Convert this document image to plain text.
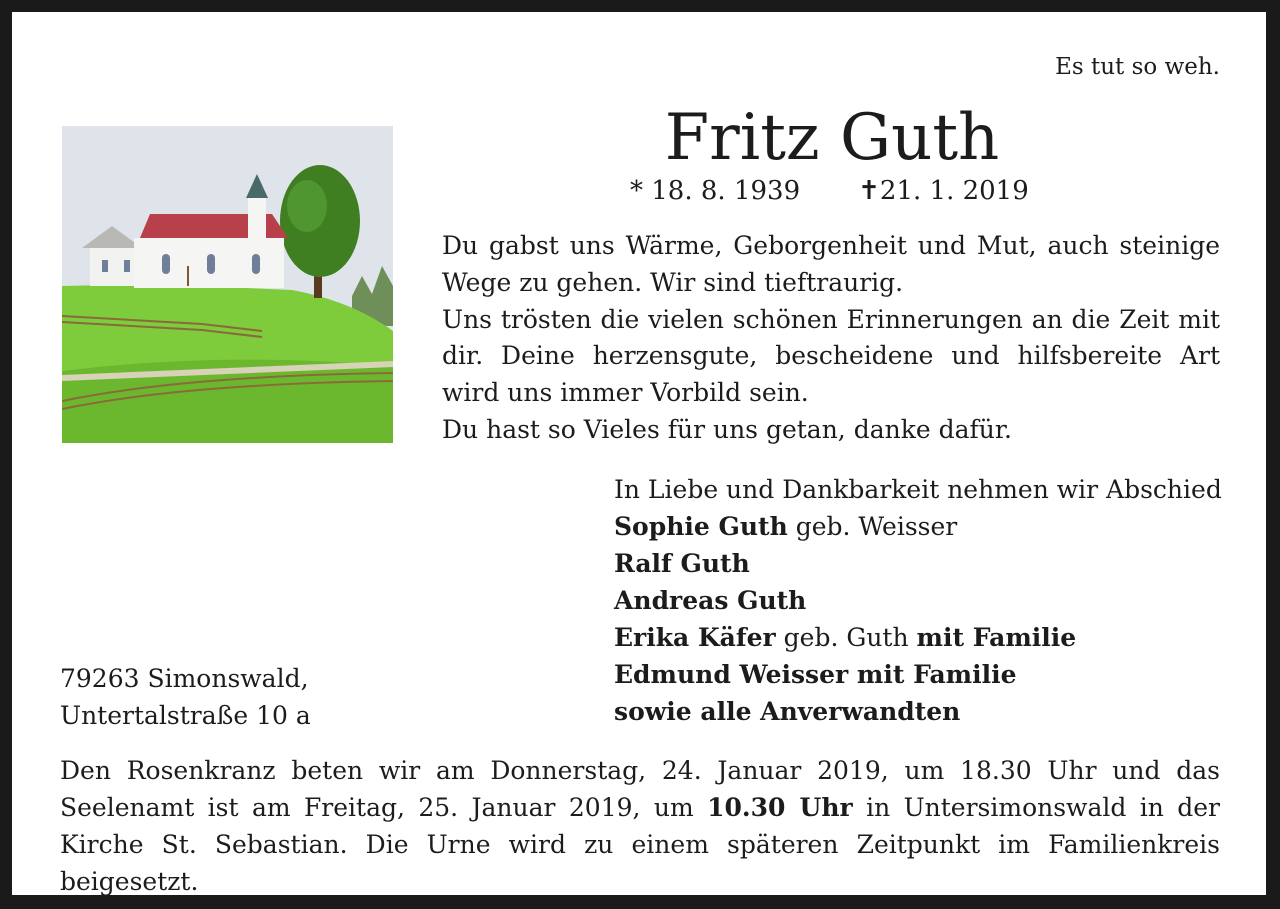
Es tut so weh.
Fritz Guth
* 18. 8. 1939 ✝21. 1. 2019

Du gabst uns Wärme, Geborgenheit und Mut, auch steinige Wege zu gehen. Wir sind tieftraurig.

Uns trösten die vielen schönen Erinnerungen an die Zeit mit dir. Deine herzensgute, bescheidene und hilfsbereite Art wird uns immer Vorbild sein.

Du hast so Vieles für uns getan, danke dafür.

In Liebe und Dankbarkeit nehmen wir Abschied
Sophie Guth geb. Weisser
Ralf Guth
Andreas Guth
Erika Käfer geb. Guth mit Familie
Edmund Weisser mit Familie
sowie alle Anverwandten
79263 Simonswald,
Untertalstraße 10 a
Den Rosenkranz beten wir am Donnerstag, 24. Januar 2019, um 18.30 Uhr und das Seelenamt ist am Freitag, 25. Januar 2019, um 10.30 Uhr in Untersimonswald in der Kirche St. Sebastian. Die Urne wird zu einem späteren Zeitpunkt im Familienkreis beigesetzt.
